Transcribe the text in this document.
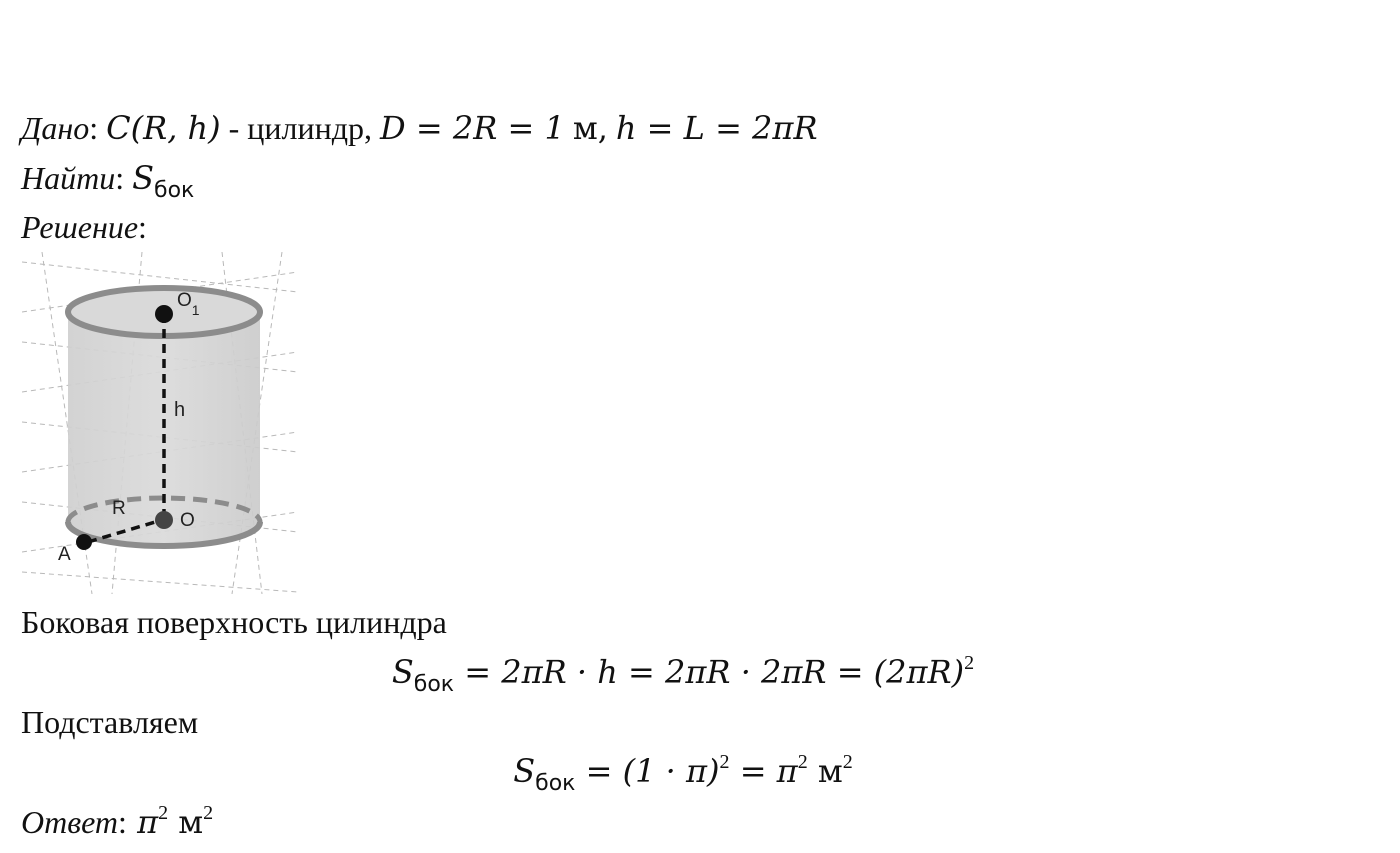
Дано: C(R, h) - цилиндр, D = 2R = 1 м, h = L = 2πR
Найти: $S_{бок}$
Решение:
$O_1$
h
O
R
A
Боковая поверхность цилиндра
$S_{бок} = 2\pi R \cdot h = 2\pi R \cdot 2\pi R = (2\pi R)^2$
Подставляем
$S_{бок} = (1 \cdot \pi)^2 = \pi^2$ $м^2$
Ответ: $\pi^2$ $м^2$
